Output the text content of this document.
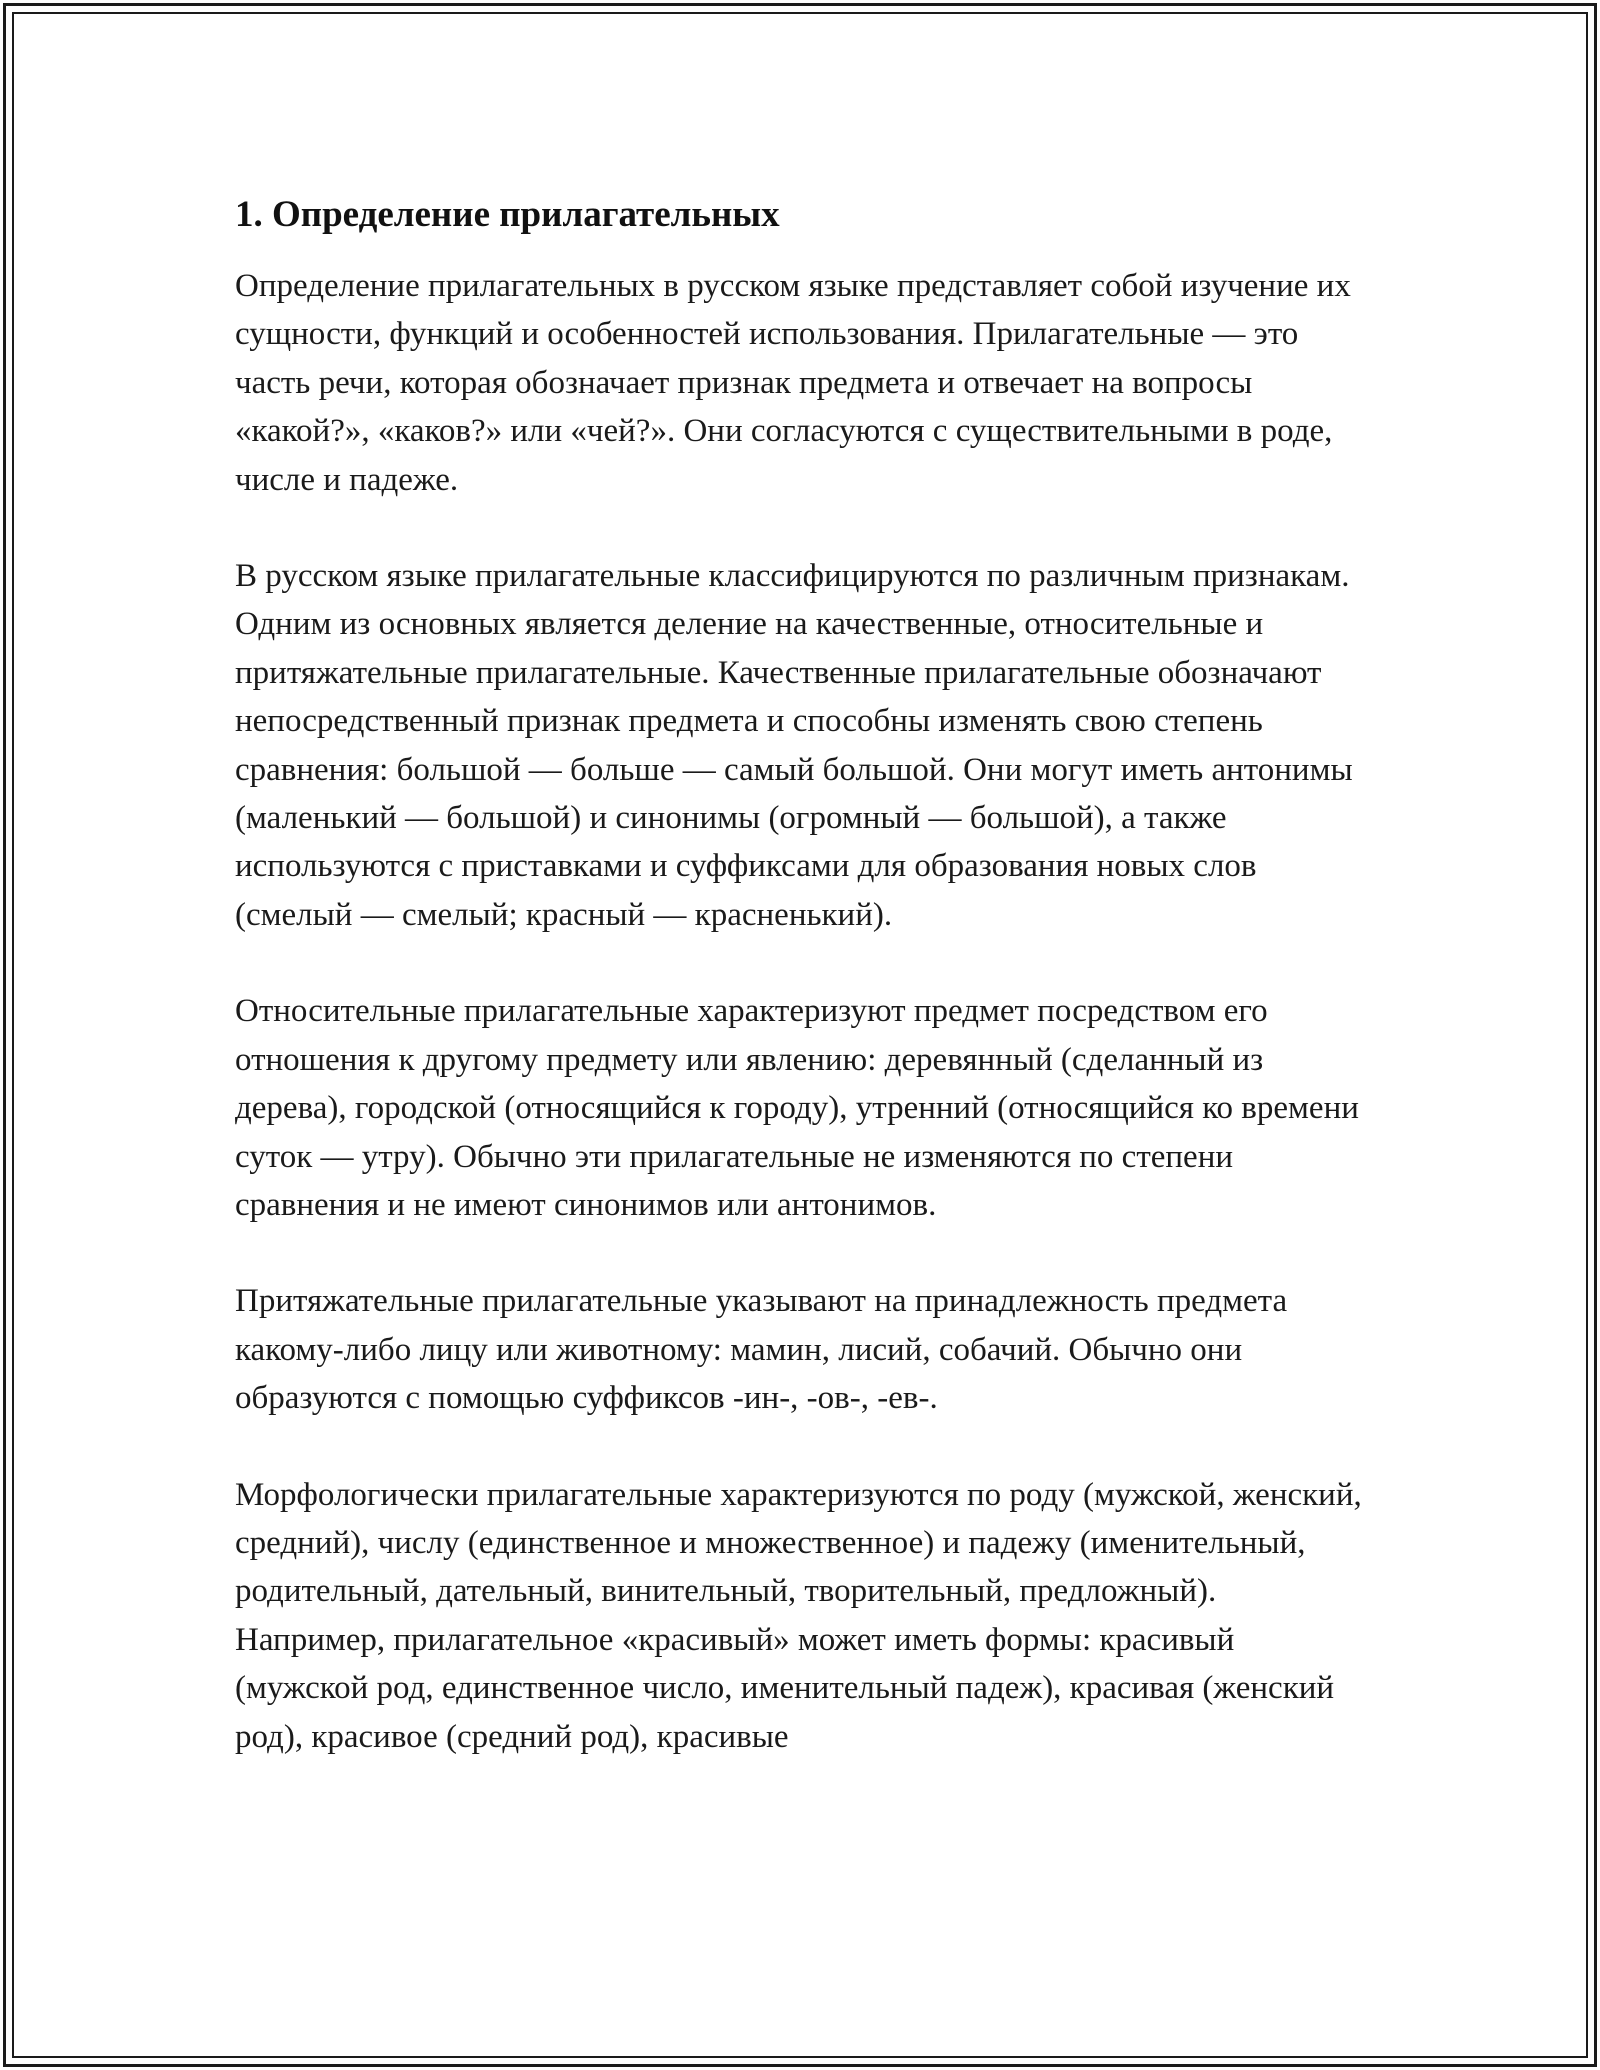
1. Определение прилагательных

Определение прилагательных в русском языке представляет собой изучение их сущности, функций и особенностей использования. Прилагательные — это часть речи, которая обозначает признак предмета и отвечает на вопросы «какой?», «каков?» или «чей?». Они согласуются с существительными в роде, числе и падеже.

В русском языке прилагательные классифицируются по различным признакам. Одним из основных является деление на качественные, относительные и притяжательные прилагательные. Качественные прилагательные обозначают непосредственный признак предмета и способны изменять свою степень сравнения: большой — больше — самый большой. Они могут иметь антонимы (маленький — большой) и синонимы (огромный — большой), а также используются с приставками и суффиксами для образования новых слов (смелый — смелый; красный — красненький).

Относительные прилагательные характеризуют предмет посредством его отношения к другому предмету или явлению: деревянный (сделанный из дерева), городской (относящийся к городу), утренний (относящийся ко времени суток — утру). Обычно эти прилагательные не изменяются по степени сравнения и не имеют синонимов или антонимов.

Притяжательные прилагательные указывают на принадлежность предмета какому-либо лицу или животному: мамин, лисий, собачий. Обычно они образуются с помощью суффиксов -ин-, -ов-, -ев-.

Морфологически прилагательные характеризуются по роду (мужской, женский, средний), числу (единственное и множественное) и падежу (именительный, родительный, дательный, винительный, творительный, предложный). Например, прилагательное «красивый» может иметь формы: красивый (мужской род, единственное число, именительный падеж), красивая (женский род), красивое (средний род), красивые
